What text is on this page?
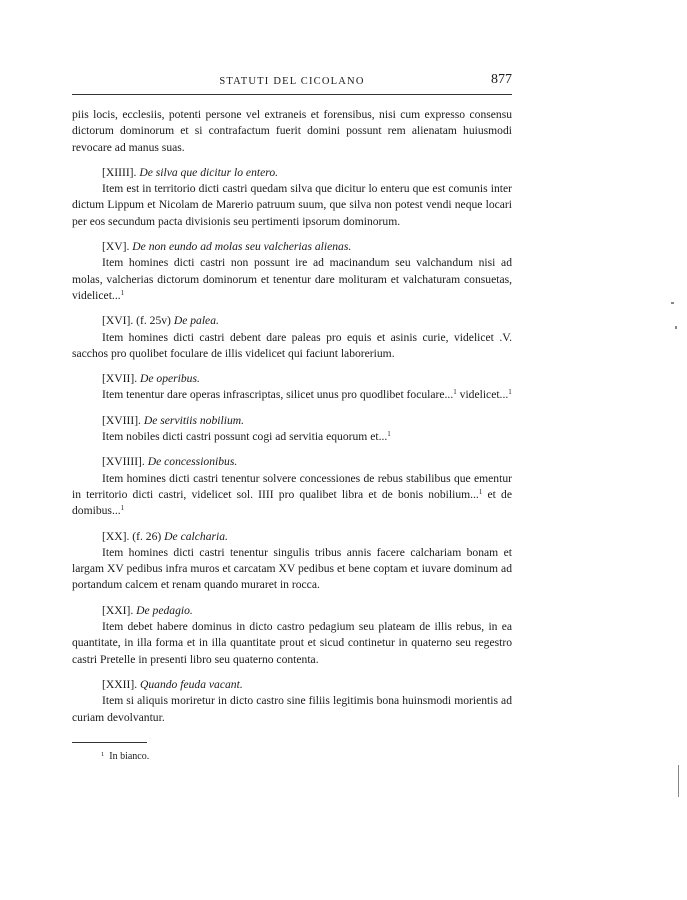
STATUTI DEL CICOLANO	877

piis locis, ecclesiis, potenti persone vel extraneis et forensibus, nisi cum expresso consensu dictorum dominorum et si contrafactum fuerit domini possunt rem alienatam huiusmodi revocare ad manus suas.

[XIIII]. De silva que dicitur lo entero.

Item est in territorio dicti castri quedam silva que dicitur lo enteru que est comunis inter dictum Lippum et Nicolam de Marerio patruum suum, que silva non potest vendi neque locari per eos secundum pacta divisionis seu pertimenti ipsorum dominorum.

[XV]. De non eundo ad molas seu valcherias alienas.

Item homines dicti castri non possunt ire ad macinandum seu valchandum nisi ad molas, valcherias dictorum dominorum et tenentur dare molituram et valchaturam consuetas, videlicet...$^1$

[XVI]. (f. 25v) De palea.

Item homines dicti castri debent dare paleas pro equis et asinis curie, videlicet .V. sacchos pro quolibet foculare de illis videlicet qui faciunt laborerium.

[XVII]. De operibus.

Item tenentur dare operas infrascriptas, silicet unus pro quodlibet foculare...$^1$ videlicet...$^1$

[XVIII]. De servitiis nobilium.

Item nobiles dicti castri possunt cogi ad servitia equorum et...$^1$

[XVIIII]. De concessionibus.

Item homines dicti castri tenentur solvere concessiones de rebus stabilibus que ementur in territorio dicti castri, videlicet sol. IIII pro qualibet libra et de bonis nobilium...$^1$ et de domibus...$^1$

[XX]. (f. 26) De calcharia.

Item homines dicti castri tenentur singulis tribus annis facere calchariam bonam et largam XV pedibus infra muros et carcatam XV pedibus et bene coptam et iuvare dominum ad portandum calcem et renam quando muraret in rocca.

[XXI]. De pedagio.

Item debet habere dominus in dicto castro pedagium seu plateam de illis rebus, in ea quantitate, in illa forma et in illa quantitate prout et sicud continetur in quaterno seu regestro castri Pretelle in presenti libro seu quaterno contenta.

[XXII]. Quando feuda vacant.

Item si aliquis moriretur in dicto castro sine filiis legitimis bona huinsmodi morientis ad curiam devolvantur.

$^1$ In bianco.
